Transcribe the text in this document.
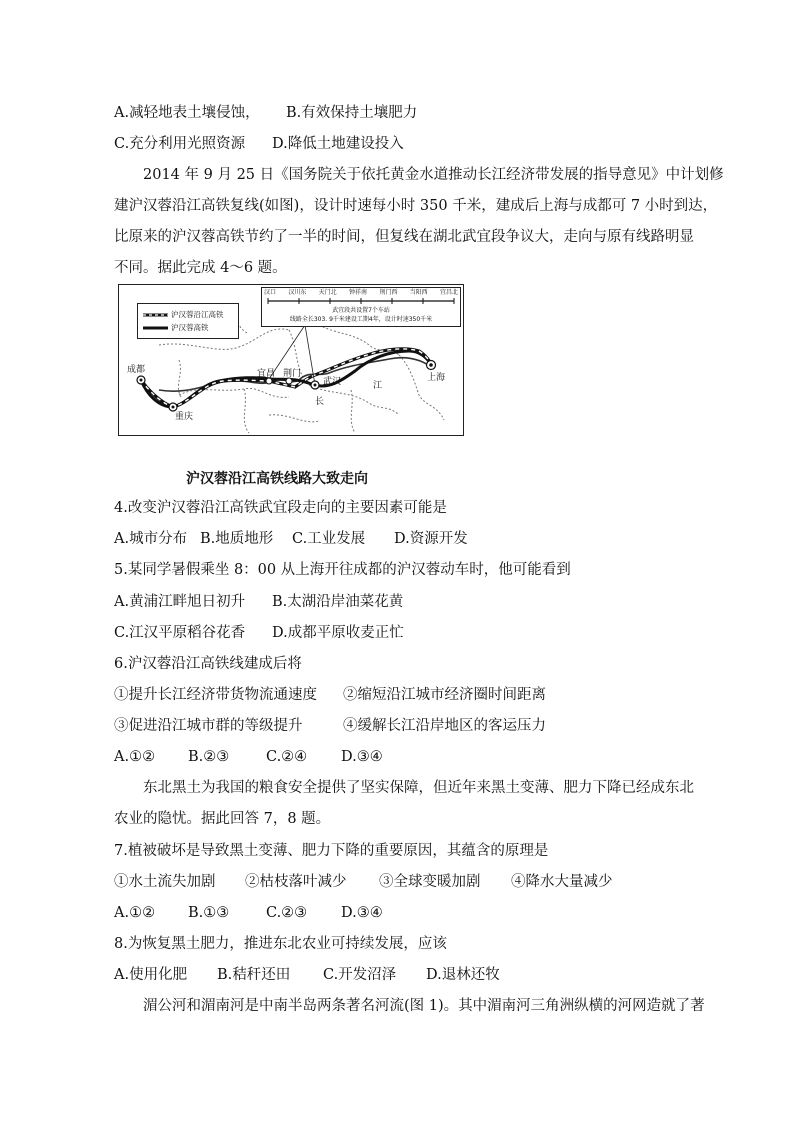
A.减轻地表土壤侵蚀， B.有效保持土壤肥力
C.充分利用光照资源 D.降低土地建设投入
2014 年 9 月 25 日《国务院关于依托黄金水道推动长江经济带发展的指导意见》中计划修
建沪汉蓉沿江高铁复线(如图)，设计时速每小时 350 千米，建成后上海与成都可 7 小时到达，
比原来的沪汉蓉高铁节约了一半的时间，但复线在湖北武宜段争议大，走向与原有线路明显
不同。据此完成 4～6 题。
沪汉蓉沿江高铁
沪汉蓉高铁
汉口 汉川东 天门北 钟祥南 荆门西 当阳西 宜昌北
武宜段共设置7个车站
线路全长303. 9千米建设工期4年，设计时速350千米
成都
重庆
宜昌 荆门
武汉	上海
长
江
沪汉蓉沿江高铁线路大致走向
4.改变沪汉蓉沿江高铁武宜段走向的主要因素可能是
A.城市分布 B.地质地形 C.工业发展 D.资源开发
5.某同学暑假乘坐 8：00 从上海开往成都的沪汉蓉动车时，他可能看到
A.黄浦江畔旭日初升 B.太湖沿岸油菜花黄
C.江汉平原稻谷花香 D.成都平原收麦正忙
6.沪汉蓉沿江高铁线建成后将
①提升长江经济带货物流通速度 ②缩短沿江城市经济圈时间距离
③促进沿江城市群的等级提升	④缓解长江沿岸地区的客运压力
A.①② B.②③	C.②④ D.③④
东北黑土为我国的粮食安全提供了坚实保障，但近年来黑土变薄、肥力下降已经成东北
农业的隐忧。据此回答 7，8 题。
7.植被破坏是导致黑土变薄、肥力下降的重要原因，其蕴含的原理是
①水土流失加剧 ②枯枝落叶减少 ③全球变暖加剧 ④降水大量减少
A.①② B.①③	C.②③ D.③④
8.为恢复黑土肥力，推进东北农业可持续发展，应该
A.使用化肥 B.秸秆还田 C.开发沼泽 D.退林还牧
湄公河和湄南河是中南半岛两条著名河流(图 1)。其中湄南河三角洲纵横的河网造就了著
